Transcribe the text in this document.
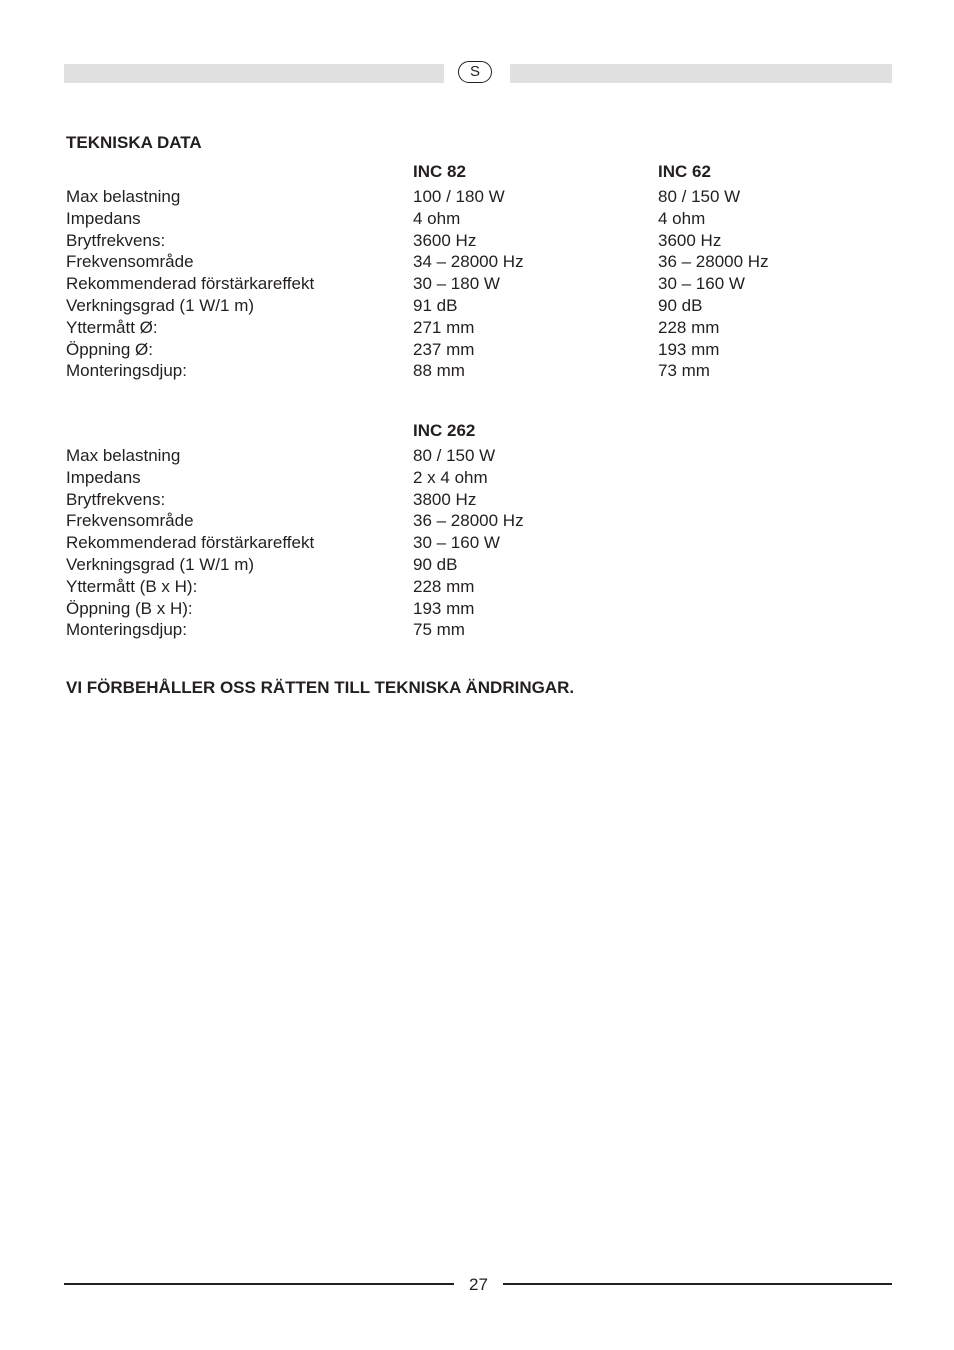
S
TEKNISKA DATA
INC 82	INC 62
Max belastning	100 / 180 W	80 / 150 W
Impedans	4 ohm	4 ohm
Brytfrekvens:	3600 Hz	3600 Hz
Frekvensområde	34 – 28000 Hz	36 – 28000 Hz
Rekommenderad förstärkareffekt	30 – 180 W	30 – 160 W
Verkningsgrad (1 W/1 m)	91 dB	90 dB
Yttermått Ø:	271 mm	228 mm
Öppning Ø:	237 mm	193 mm
Monteringsdjup:	88 mm	73 mm
INC 262
Max belastning	80 / 150 W
Impedans	2 x 4 ohm
Brytfrekvens:	3800 Hz
Frekvensområde	36 – 28000 Hz
Rekommenderad förstärkareffekt	30 – 160 W
Verkningsgrad (1 W/1 m)	90 dB
Yttermått (B x H):	228 mm
Öppning (B x H):	193 mm
Monteringsdjup:	75 mm
VI FÖRBEHÅLLER OSS RÄTTEN TILL TEKNISKA ÄNDRINGAR.
27
